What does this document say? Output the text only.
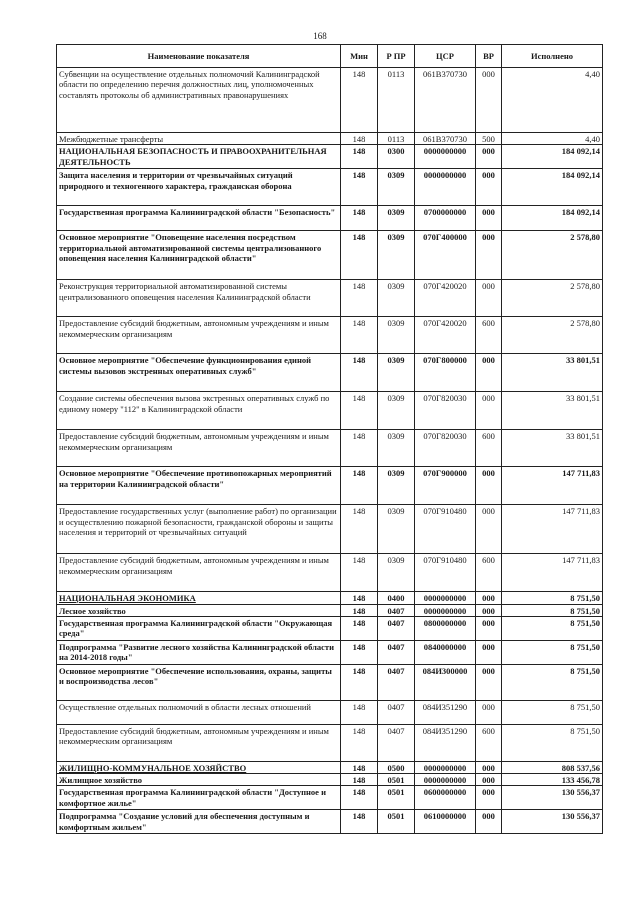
168
Наименование показателя	Мин	Р ПР	ЦСР	ВР	Исполнено
Субвенции на осуществление отдельных полномочий Калининградской области по определению перечня должностных лиц, уполномоченных составлять протоколы об административных правонарушениях	148	0113	061В370730	000	4,40
Межбюджетные трансферты	148	0113	061В370730	500	4,40
НАЦИОНАЛЬНАЯ БЕЗОПАСНОСТЬ И ПРАВООХРАНИТЕЛЬНАЯ ДЕЯТЕЛЬНОСТЬ	148	0300	0000000000	000	184 092,14
Защита населения и территории от чрезвычайных ситуаций природного и техногенного характера, гражданская оборона	148	0309	0000000000	000	184 092,14
Государственная программа Калининградской области "Безопасность"	148	0309	0700000000	000	184 092,14
Основное мероприятие "Оповещение населения посредством территориальной автоматизированной системы централизованного оповещения населения Калининградской области"	148	0309	070Г400000	000	2 578,80
Реконструкция территориальной автоматизированной системы централизованного оповещения населения Калининградской области	148	0309	070Г420020	000	2 578,80
Предоставление субсидий бюджетным, автономным учреждениям и иным некоммерческим организациям	148	0309	070Г420020	600	2 578,80
Основное мероприятие "Обеспечение функционирования единой системы вызовов экстренных оперативных служб"	148	0309	070Г800000	000	33 801,51
Создание системы обеспечения вызова экстренных оперативных служб по единому номеру "112" в Калининградской области	148	0309	070Г820030	000	33 801,51
Предоставление субсидий бюджетным, автономным учреждениям и иным некоммерческим организациям	148	0309	070Г820030	600	33 801,51
Основное мероприятие "Обеспечение противопожарных мероприятий на территории Калининградской области"	148	0309	070Г900000	000	147 711,83
Предоставление государственных услуг (выполнение работ) по организации и осуществлению пожарной безопасности, гражданской обороны и защиты населения и территорий от чрезвычайных ситуаций	148	0309	070Г910480	000	147 711,83
Предоставление субсидий бюджетным, автономным учреждениям и иным некоммерческим организациям	148	0309	070Г910480	600	147 711,83
НАЦИОНАЛЬНАЯ ЭКОНОМИКА	148	0400	0000000000	000	8 751,50
Лесное хозяйство	148	0407	0000000000	000	8 751,50
Государственная программа Калининградской области "Окружающая среда"	148	0407	0800000000	000	8 751,50
Подпрограмма "Развитие лесного хозяйства Калининградской области на 2014-2018 годы"	148	0407	0840000000	000	8 751,50
Основное мероприятие "Обеспечение использования, охраны, защиты и воспроизводства лесов"	148	0407	084И300000	000	8 751,50
Осуществление отдельных полномочий в области лесных отношений	148	0407	084И351290	000	8 751,50
Предоставление субсидий бюджетным, автономным учреждениям и иным некоммерческим организациям	148	0407	084И351290	600	8 751,50
ЖИЛИЩНО-КОММУНАЛЬНОЕ ХОЗЯЙСТВО	148	0500	0000000000	000	808 537,56
Жилищное хозяйство	148	0501	0000000000	000	133 456,78
Государственная программа Калининградской области "Доступное и комфортное жилье"	148	0501	0600000000	000	130 556,37
Подпрограмма "Создание условий для обеспечения доступным и комфортным жильем"	148	0501	0610000000	000	130 556,37
